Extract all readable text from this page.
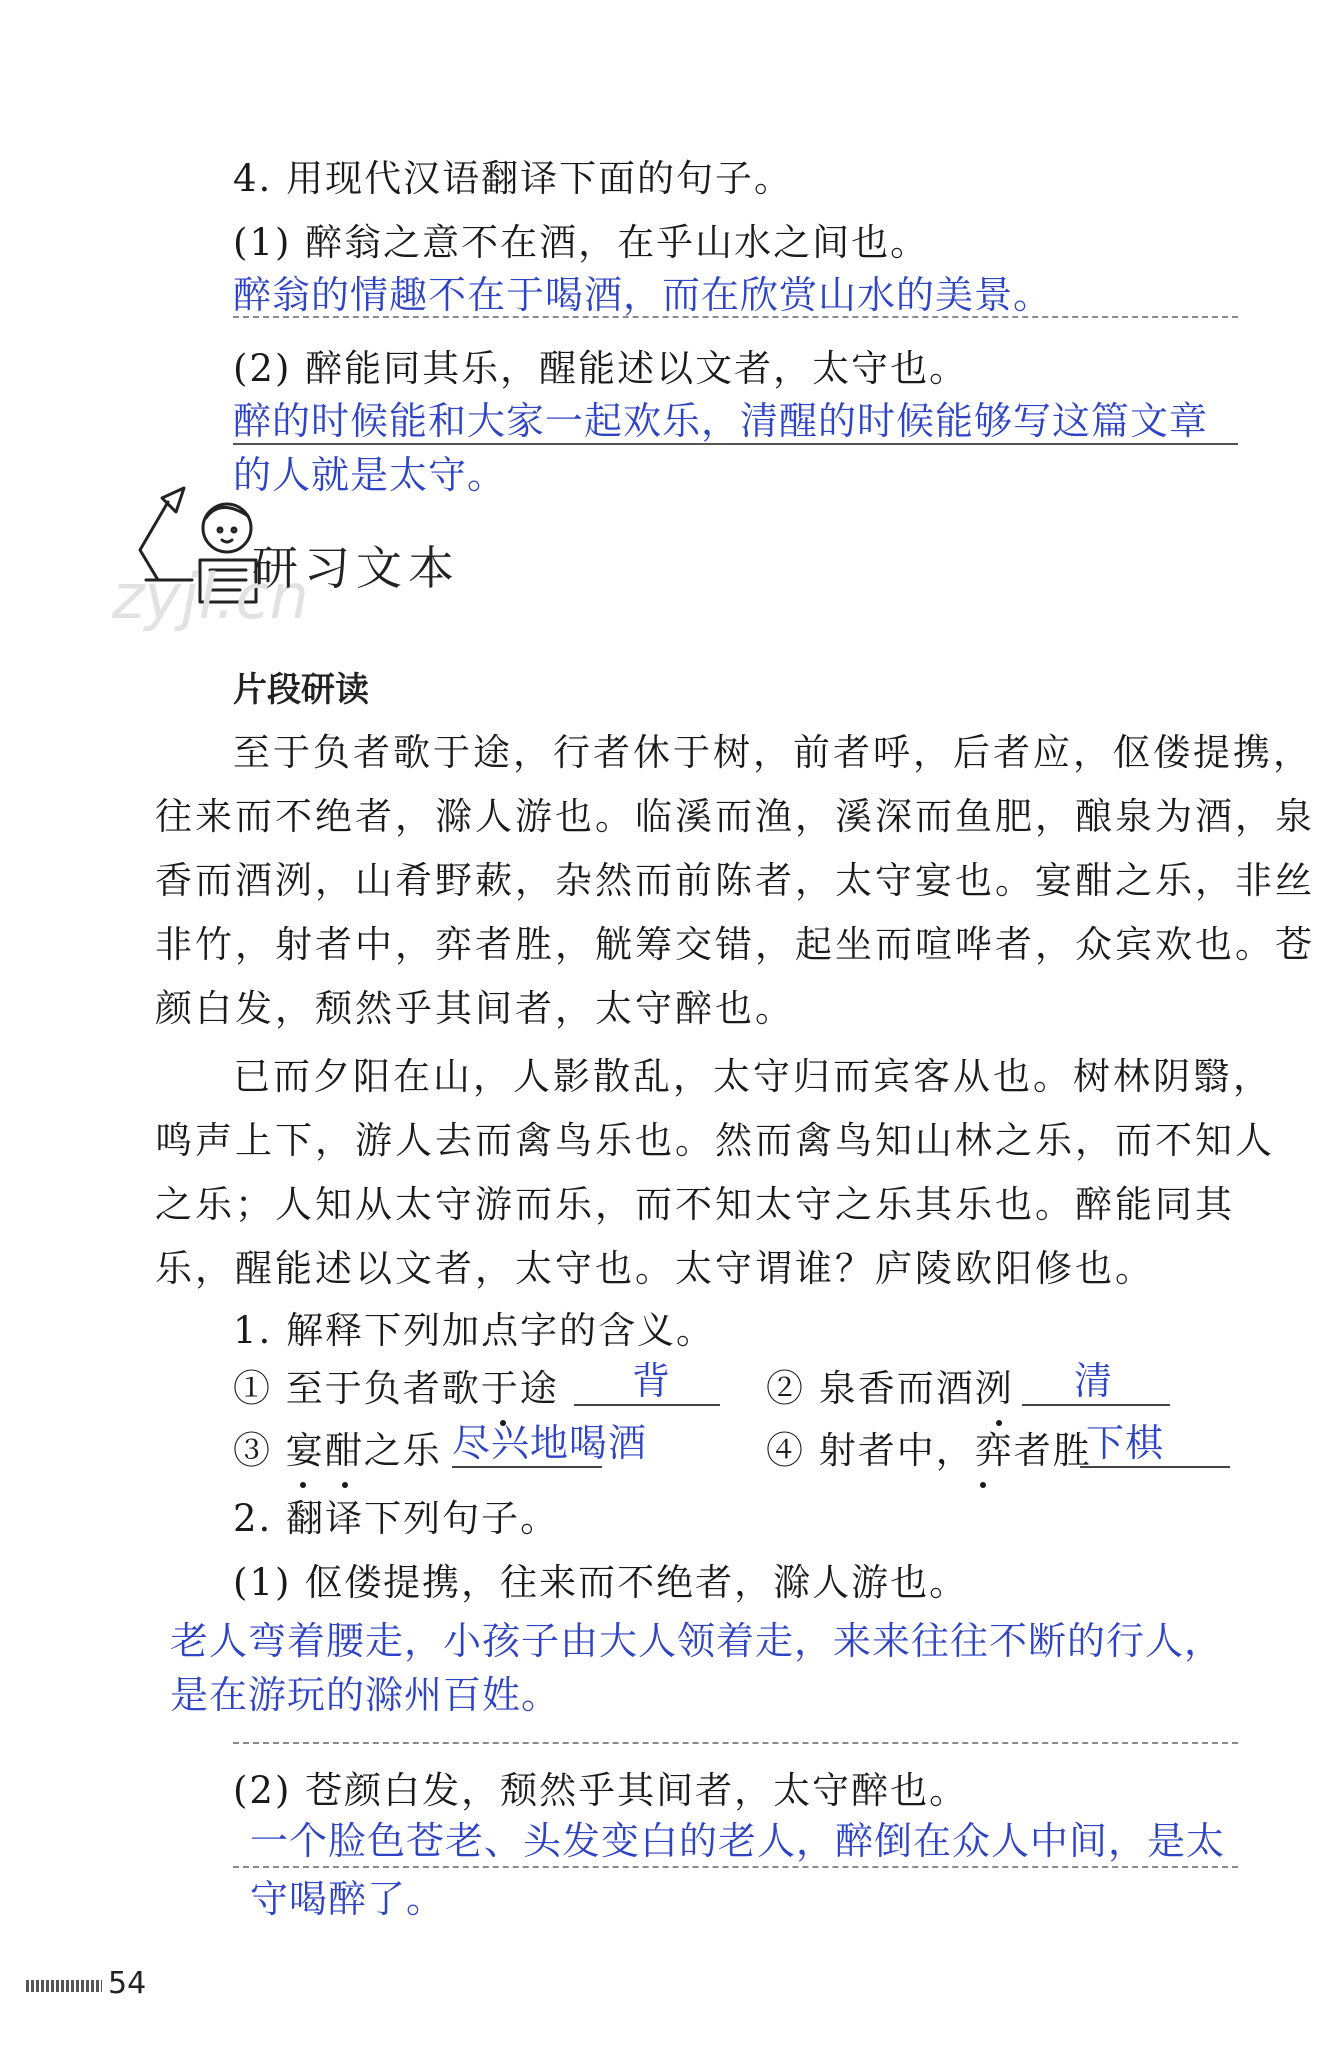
4. 用现代汉语翻译下面的句子。
(1) 醉翁之意不在酒，在乎山水之间也。
醉翁的情趣不在于喝酒，而在欣赏山水的美景。
(2) 醉能同其乐，醒能述以文者，太守也。
醉的时候能和大家一起欢乐，清醒的时候能够写这篇文章
的人就是太守。
zyjl.cn
研习文本
片段研读
至于负者歌于途，行者休于树，前者呼，后者应，伛偻提携，
往来而不绝者，滁人游也。临溪而渔，溪深而鱼肥，酿泉为酒，泉
香而酒洌，山肴野蔌，杂然而前陈者，太守宴也。宴酣之乐，非丝
非竹，射者中，弈者胜，觥筹交错，起坐而喧哗者，众宾欢也。苍
颜白发，颓然乎其间者，太守醉也。
已而夕阳在山，人影散乱，太守归而宾客从也。树林阴翳，
鸣声上下，游人去而禽鸟乐也。然而禽鸟知山林之乐，而不知人
之乐；人知从太守游而乐，而不知太守之乐其乐也。醉能同其
乐，醒能述以文者，太守也。太守谓谁？庐陵欧阳修也。
1. 解释下列加点字的含义。
① 至于负者歌于途 背	② 泉香而酒洌 清
③ 宴酣之乐 尽兴地喝酒	④ 射者中，弈者胜
下棋
2. 翻译下列句子。
(1) 伛偻提携，往来而不绝者，滁人游也。
老人弯着腰走，小孩子由大人领着走，来来往往不断的行人，
是在游玩的滁州百姓。
(2) 苍颜白发，颓然乎其间者，太守醉也。
一个脸色苍老、头发变白的老人，醉倒在众人中间，是太
守喝醉了。
54
